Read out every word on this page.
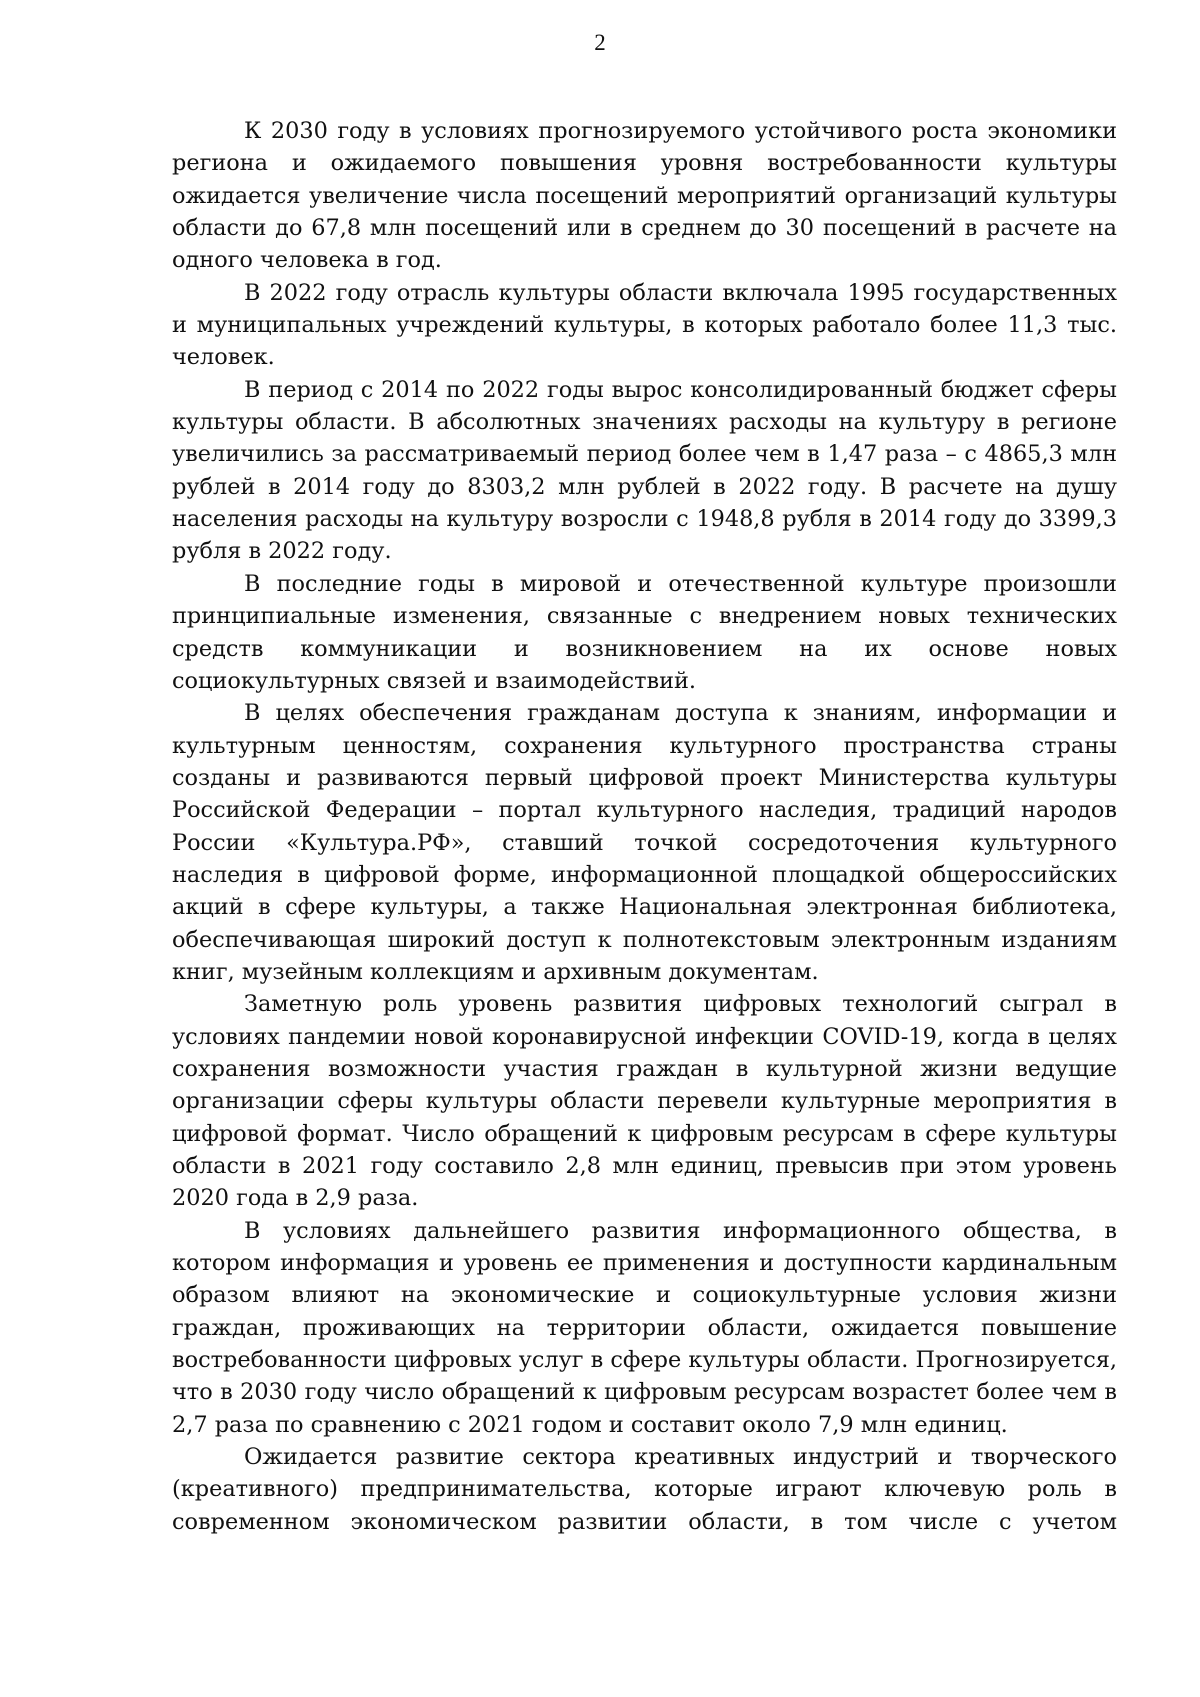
2

К 2030 году в условиях прогнозируемого устойчивого роста экономики региона и ожидаемого повышения уровня востребованности культуры ожидается увеличение числа посещений мероприятий организаций культуры области до 67,8 млн посещений или в среднем до 30 посещений в расчете на одного человека в год.

В 2022 году отрасль культуры области включала 1995 государственных и муниципальных учреждений культуры, в которых работало более 11,3 тыс. человек.

В период с 2014 по 2022 годы вырос консолидированный бюджет сферы культуры области. В абсолютных значениях расходы на культуру в регионе увеличились за рассматриваемый период более чем в 1,47 раза – с 4865,3 млн рублей в 2014 году до 8303,2 млн рублей в 2022 году. В расчете на душу населения расходы на культуру возросли с 1948,8 рубля в 2014 году до 3399,3 рубля в 2022 году.

В последние годы в мировой и отечественной культуре произошли принципиальные изменения, связанные с внедрением новых технических средств коммуникации и возникновением на их основе новых социокультурных связей и взаимодействий.

В целях обеспечения гражданам доступа к знаниям, информации и культурным ценностям, сохранения культурного пространства страны созданы и развиваются первый цифровой проект Министерства культуры Российской Федерации – портал культурного наследия, традиций народов России «Культура.РФ», ставший точкой сосредоточения культурного наследия в цифровой форме, информационной площадкой общероссийских акций в сфере культуры, а также Национальная электронная библиотека, обеспечивающая широкий доступ к полнотекстовым электронным изданиям книг, музейным коллекциям и архивным документам.

Заметную роль уровень развития цифровых технологий сыграл в условиях пандемии новой коронавирусной инфекции COVID-19, когда в целях сохранения возможности участия граждан в культурной жизни ведущие организации сферы культуры области перевели культурные мероприятия в цифровой формат. Число обращений к цифровым ресурсам в сфере культуры области в 2021 году составило 2,8 млн единиц, превысив при этом уровень 2020 года в 2,9 раза.

В условиях дальнейшего развития информационного общества, в котором информация и уровень ее применения и доступности кардинальным образом влияют на экономические и социокультурные условия жизни граждан, проживающих на территории области, ожидается повышение востребованности цифровых услуг в сфере культуры области. Прогнозируется, что в 2030 году число обращений к цифровым ресурсам возрастет более чем в 2,7 раза по сравнению с 2021 годом и составит около 7,9 млн единиц.

Ожидается развитие сектора креативных индустрий и творческого (креативного) предпринимательства, которые играют ключевую роль в современном экономическом развитии области, в том числе с учетом
